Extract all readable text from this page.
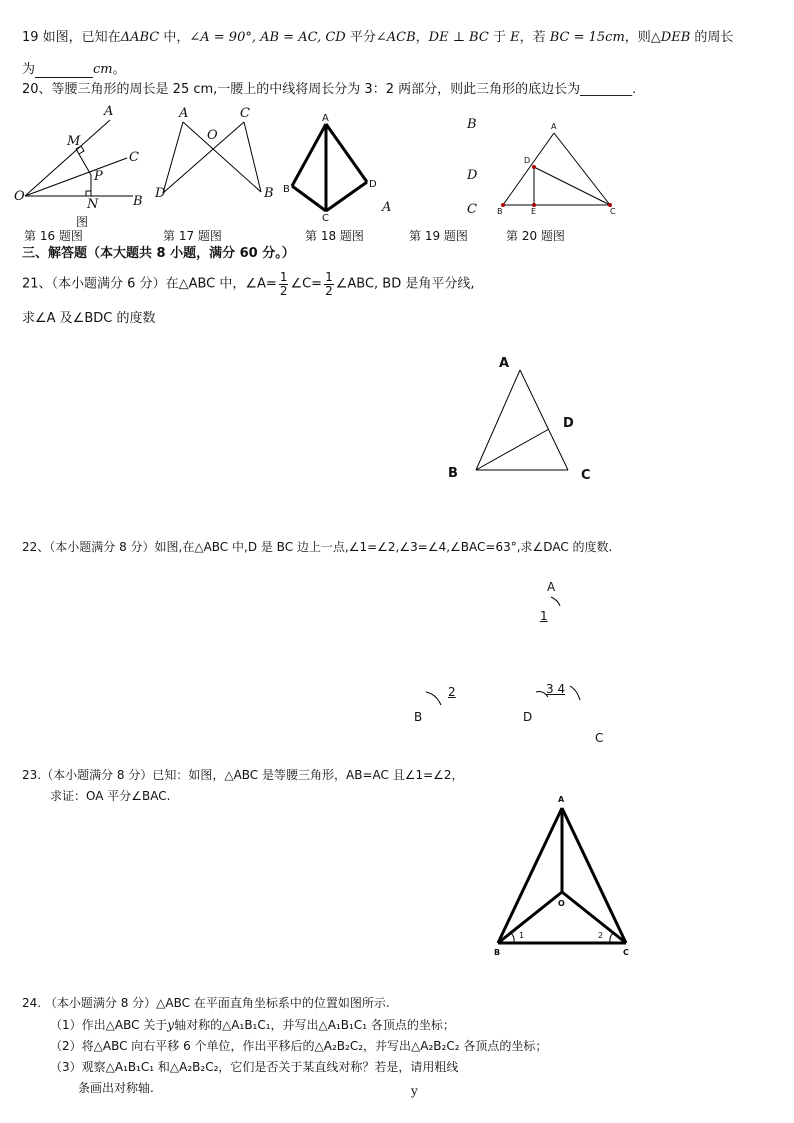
19 如图，已知在ΔABC 中，∠A = 90°, AB = AC, CD 平分∠ACB，DE ⊥ BC 于 E，若 BC = 15cm，则△DEB 的周长
为	cm。
20、等腰三角形的周长是 25 cm,一腰上的中线将周长分为 3：2 两部分，则此三角形的底边长为________.
A
M
C
P
O
N	B
图
A	C
O
D	B
A
B	D
C
B
D
C
A
A
D
B	E	C
第 16 题图	第 17 题图	第 18 题图	第 19 题图	第 20 题图
三、解答题（本大题共 8 小题，满分 60 分。）
21、（本小题满分 6 分）在△ABC 中，∠A= $\frac{1}{2}$ ∠C= $\frac{1}{2}$ ∠ABC, BD 是角平分线,
求∠A 及∠BDC 的度数
A
D
B	C
22、（本小题满分 8 分）如图,在△ABC 中,D 是 BC 边上一点,∠1=∠2,∠3=∠4,∠BAC=63°,求∠DAC 的度数.
A
1
2	3 4
B	D
C
23.（本小题满分 8 分）已知：如图，△ABC 是等腰三角形，AB=AC 且∠1=∠2，
求证：OA 平分∠BAC.	A
O
B	C
1	2
24. （本小题满分 8 分）△ABC 在平面直角坐标系中的位置如图所示.
（1）作出△ABC 关于y轴对称的△A₁B₁C₁，并写出△A₁B₁C₁ 各顶点的坐标；
（2）将△ABC 向右平移 6 个单位，作出平移后的△A₂B₂C₂，并写出△A₂B₂C₂ 各顶点的坐标；
（3）观察△A₁B₁C₁ 和△A₂B₂C₂，它们是否关于某直线对称？若是，请用粗线
条画出对称轴.	y
